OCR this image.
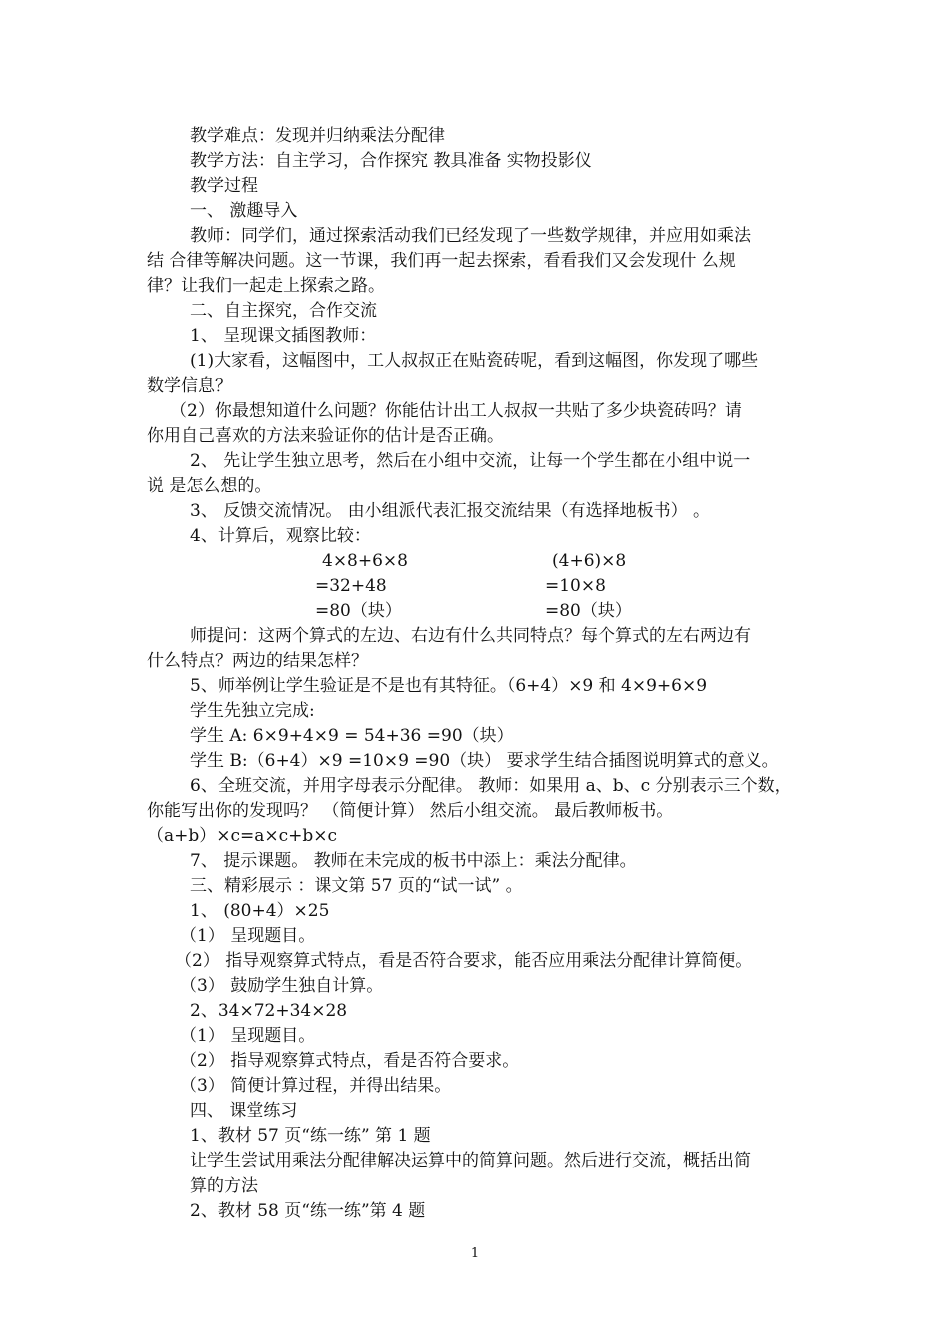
教学难点：发现并归纳乘法分配律
教学方法：自主学习，合作探究 教具准备 实物投影仪
教学过程
一、 激趣导入
教师：同学们，通过探索活动我们已经发现了一些数学规律，并应用如乘法
结 合律等解决问题。这一节课，我们再一起去探索，看看我们又会发现什 么规
律？让我们一起走上探索之路。
二、自主探究，合作交流
1、 呈现课文插图教师：
(1)大家看，这幅图中，工人叔叔正在贴瓷砖呢，看到这幅图，你发现了哪些
数学信息？
（2）你最想知道什么问题？你能估计出工人叔叔一共贴了多少块瓷砖吗？请
你用自己喜欢的方法来验证你的估计是否正确。
2、 先让学生独立思考，然后在小组中交流，让每一个学生都在小组中说一
说 是怎么想的。
3、 反馈交流情况。 由小组派代表汇报交流结果（有选择地板书） 。
4、计算后，观察比较：
4×8+6×8
=32+48
=80（块）
(4+6)×8
=10×8
=80（块）
师提问：这两个算式的左边、右边有什么共同特点？每个算式的左右两边有
什么特点？两边的结果怎样？
5、师举例让学生验证是不是也有其特征。（6+4）×9 和 4×9+6×9
学生先独立完成:
学生 A: 6×9+4×9 = 54+36 =90（块）
学生 B:（6+4）×9 =10×9 =90（块） 要求学生结合插图说明算式的意义。
6、全班交流，并用字母表示分配律。 教师：如果用 a、b、c 分别表示三个数，
你能写出你的发现吗？ （简便计算） 然后小组交流。 最后教师板书。
（a+b）×c=a×c+b×c
7、 提示课题。 教师在未完成的板书中添上：乘法分配律。
三、精彩展示 ：课文第 57 页的“试一试” 。
1、 (80+4）×25
（1） 呈现题目。
（2） 指导观察算式特点，看是否符合要求，能否应用乘法分配律计算简便。
（3） 鼓励学生独自计算。
2、34×72+34×28
（1） 呈现题目。
（2） 指导观察算式特点，看是否符合要求。
（3） 简便计算过程，并得出结果。
四、 课堂练习
1、教材 57 页“练一练” 第 1 题
让学生尝试用乘法分配律解决运算中的简算问题。然后进行交流，概括出简
算的方法
2、教材 58 页“练一练”第 4 题
1
